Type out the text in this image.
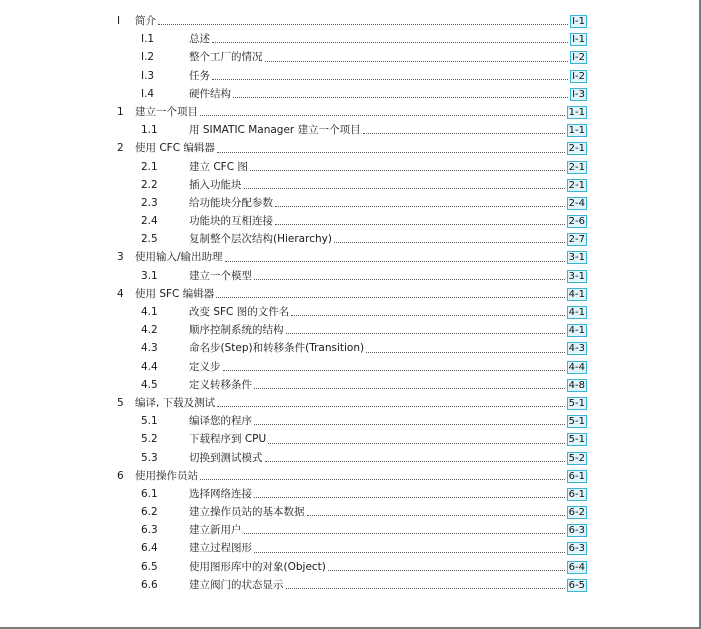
I 简介	I-1
I.1	总述	I-1
I.2	整个工厂的情况	I-2
I.3	任务	I-2
I.4	硬件结构	I-3
1 建立一个项目	1-1
1.1	用 SIMATIC Manager 建立一个项目	1-1
2 使用 CFC 编辑器	2-1
2.1	建立 CFC 图	2-1
2.2	插入功能块	2-1
2.3	给功能块分配参数	2-4
2.4	功能块的互相连接	2-6
2.5	复制整个层次结构(Hierarchy)	2-7
3 使用输入/输出助理	3-1
3.1	建立一个模型	3-1
4 使用 SFC 编辑器	4-1
4.1	改变 SFC 图的文件名	4-1
4.2	顺序控制系统的结构	4-1
4.3	命名步(Step)和转移条件(Transition)	4-3
4.4	定义步	4-4
4.5	定义转移条件	4-8
5 编译, 下载及测试	5-1
5.1	编译您的程序	5-1
5.2	下载程序到 CPU	5-1
5.3	切换到测试模式	5-2
6 使用操作员站	6-1
6.1	选择网络连接	6-1
6.2	建立操作员站的基本数据	6-2
6.3	建立新用户	6-3
6.4	建立过程图形	6-3
6.5	使用图形库中的对象(Object)	6-4
6.6	建立阀门的状态显示	6-5
